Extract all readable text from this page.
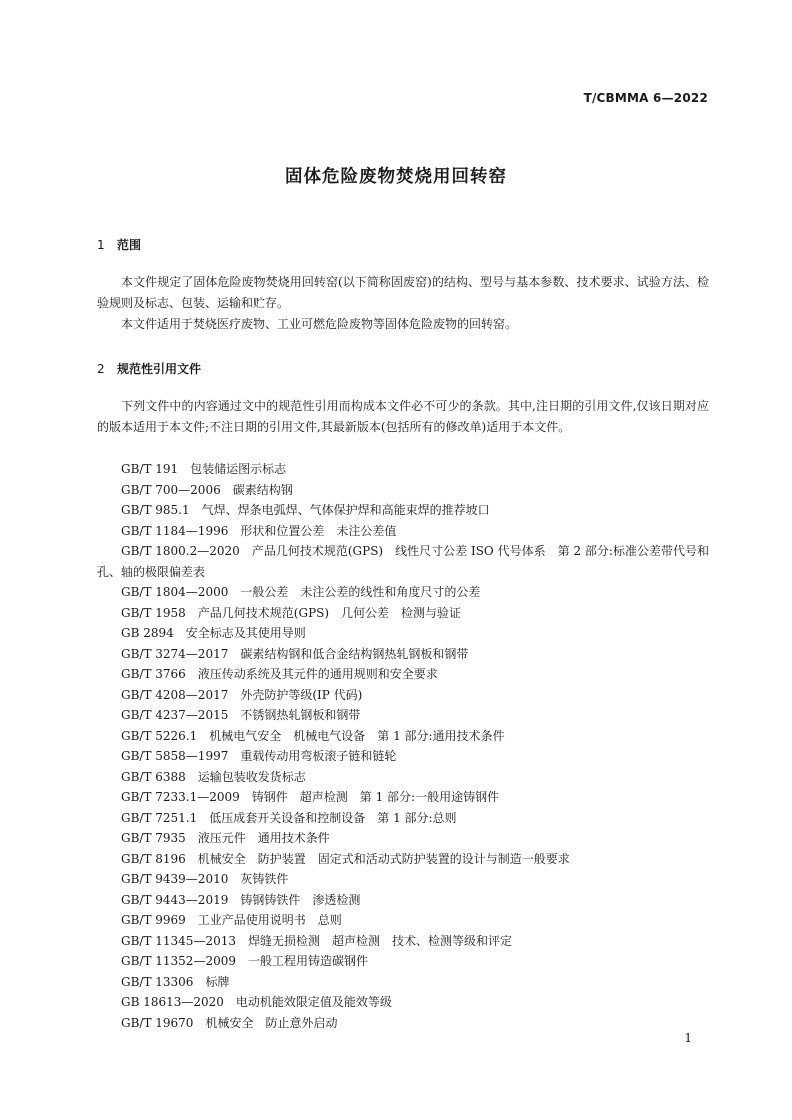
T/CBMMA 6—2022
固体危险废物焚烧用回转窑
1 范围
本文件规定了固体危险废物焚烧用回转窑(以下简称固废窑)的结构、型号与基本参数、技术要求、试验方法、检验规则及标志、包装、运输和贮存。
本文件适用于焚烧医疗废物、工业可燃危险废物等固体危险废物的回转窑。
2 规范性引用文件
下列文件中的内容通过文中的规范性引用而构成本文件必不可少的条款。其中,注日期的引用文件,仅该日期对应的版本适用于本文件;不注日期的引用文件,其最新版本(包括所有的修改单)适用于本文件。
GB/T 191　包装储运图示标志
GB/T 700—2006　碳素结构钢
GB/T 985.1　气焊、焊条电弧焊、气体保护焊和高能束焊的推荐坡口
GB/T 1184—1996　形状和位置公差　未注公差值
GB/T 1800.2—2020　产品几何技术规范(GPS)　线性尺寸公差 ISO 代号体系　第 2 部分:标准公差带代号和孔、轴的极限偏差表
GB/T 1804—2000　一般公差　未注公差的线性和角度尺寸的公差
GB/T 1958　产品几何技术规范(GPS)　几何公差　检测与验证
GB 2894　安全标志及其使用导则
GB/T 3274—2017　碳素结构钢和低合金结构钢热轧钢板和钢带
GB/T 3766　液压传动系统及其元件的通用规则和安全要求
GB/T 4208—2017　外壳防护等级(IP 代码)
GB/T 4237—2015　不锈钢热轧钢板和钢带
GB/T 5226.1　机械电气安全　机械电气设备　第 1 部分:通用技术条件
GB/T 5858—1997　重载传动用弯板滚子链和链轮
GB/T 6388　运输包装收发货标志
GB/T 7233.1—2009　铸钢件　超声检测　第 1 部分:一般用途铸钢件
GB/T 7251.1　低压成套开关设备和控制设备　第 1 部分:总则
GB/T 7935　液压元件　通用技术条件
GB/T 8196　机械安全　防护装置　固定式和活动式防护装置的设计与制造一般要求
GB/T 9439—2010　灰铸铁件
GB/T 9443—2019　铸钢铸铁件　渗透检测
GB/T 9969　工业产品使用说明书　总则
GB/T 11345—2013　焊缝无损检测　超声检测　技术、检测等级和评定
GB/T 11352—2009　一般工程用铸造碳钢件
GB/T 13306　标牌
GB 18613—2020　电动机能效限定值及能效等级
GB/T 19670　机械安全　防止意外启动
1
